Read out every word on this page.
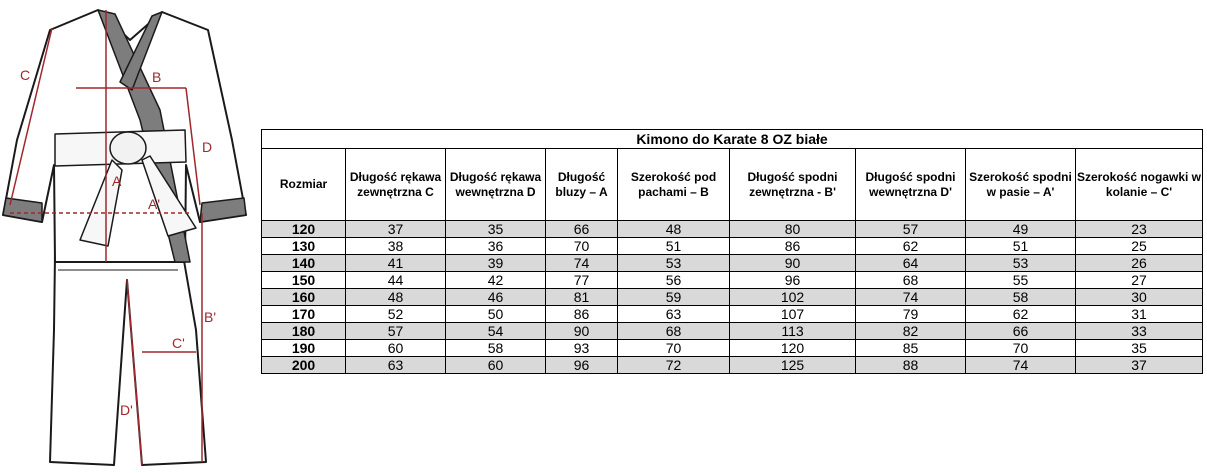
C	B
A
D
A'
B'
C'
D'
Kimono do Karate 8 OZ białe
Rozmiar	Długość rękawa zewnętrzna C	Długość rękawa wewnętrzna D	Długość bluzy – A	Szerokość pod pachami – B	Długość spodni zewnętrzna - B'	Długość spodni wewnętrzna D'	Szerokość spodni w pasie – A'	Szerokość nogawki w kolanie – C'
120	37	35	66	48	80	57	49	23
130	38	36	70	51	86	62	51	25
140	41	39	74	53	90	64	53	26
150	44	42	77	56	96	68	55	27
160	48	46	81	59	102	74	58	30
170	52	50	86	63	107	79	62	31
180	57	54	90	68	113	82	66	33
190	60	58	93	70	120	85	70	35
200	63	60	96	72	125	88	74	37
